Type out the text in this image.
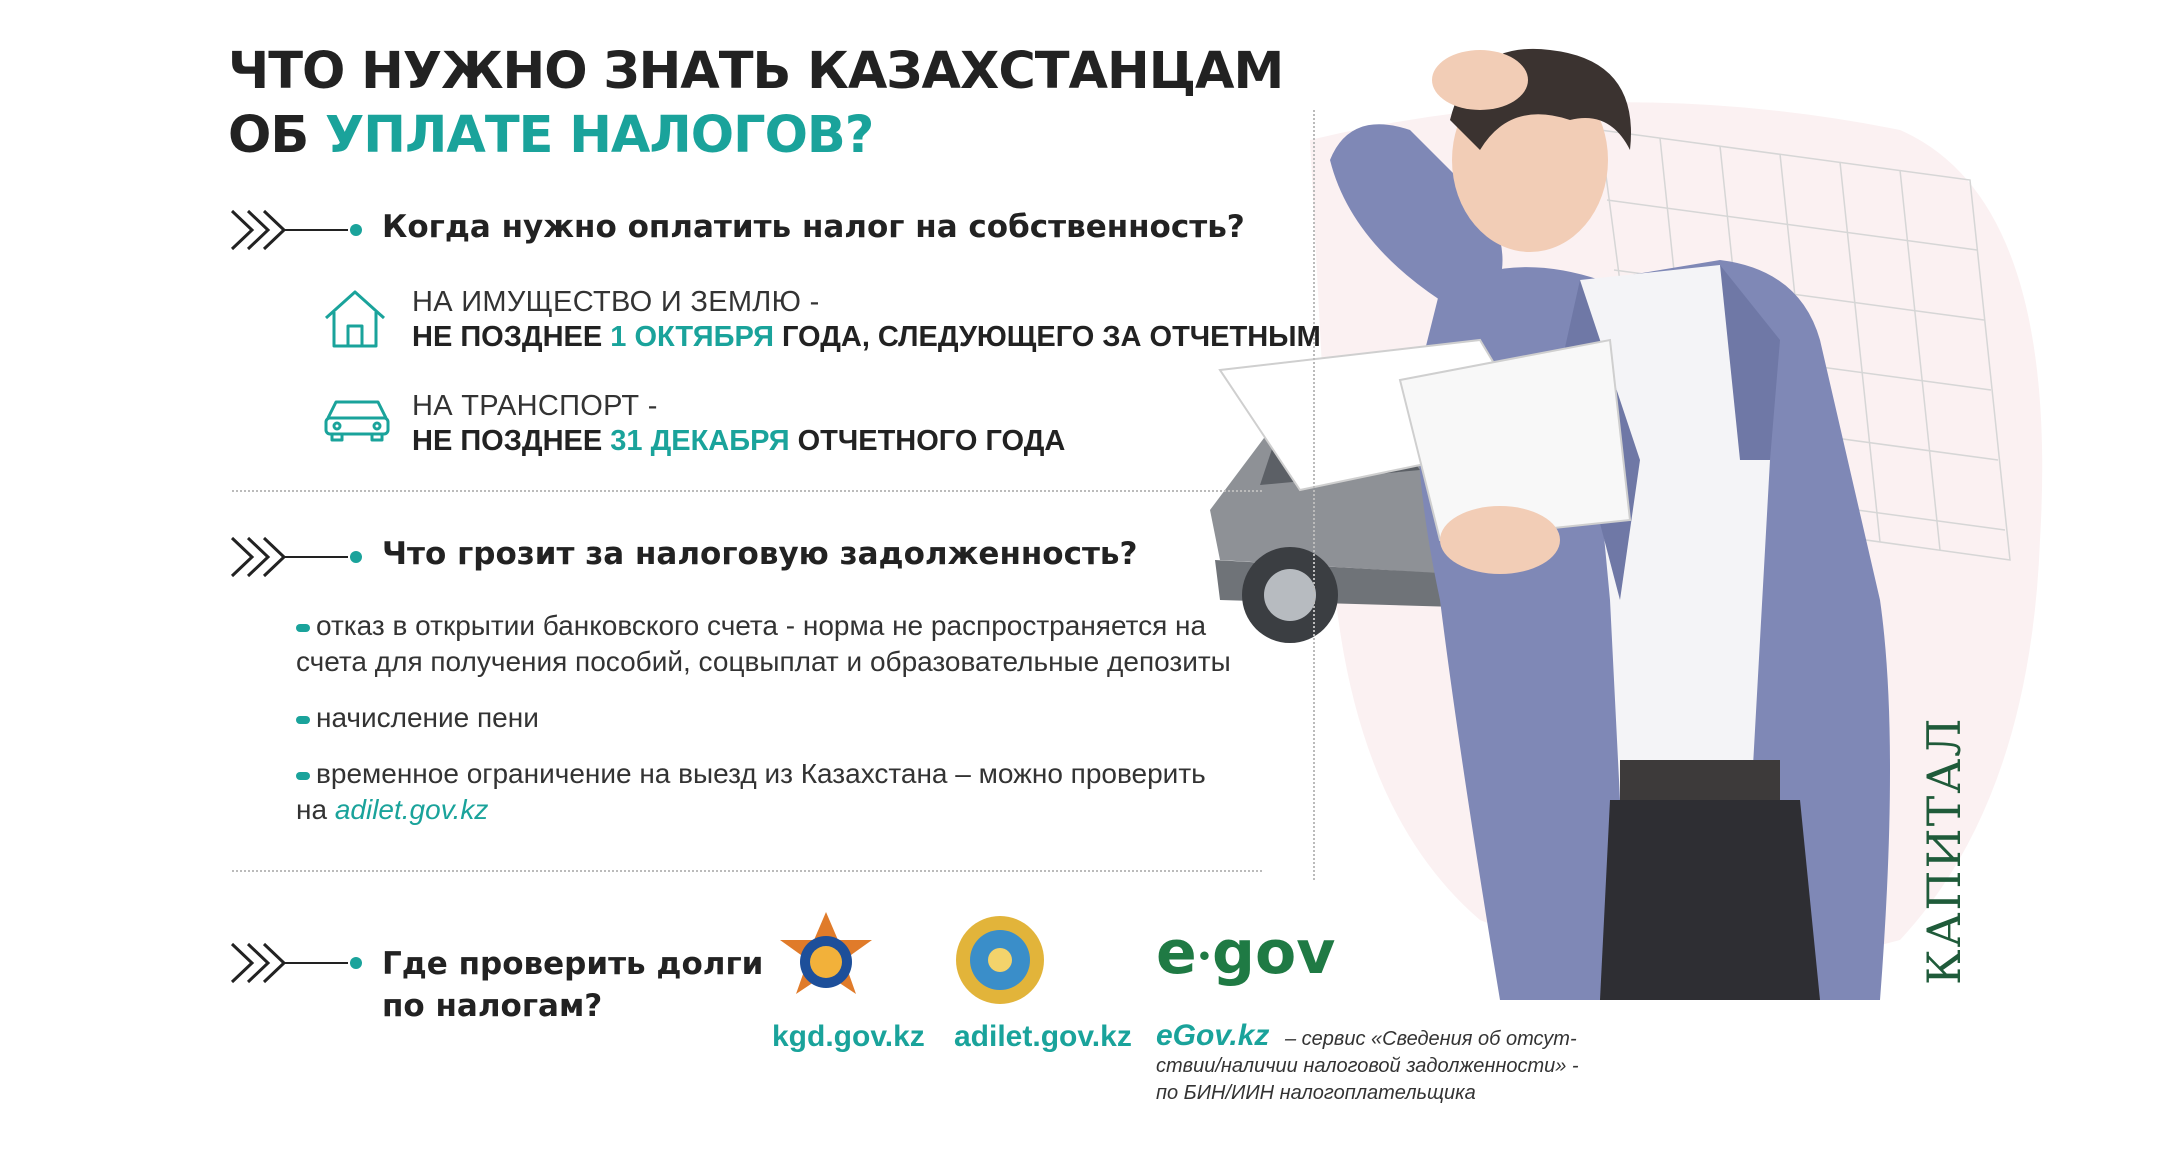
ЧТО НУЖНО ЗНАТЬ КАЗАХСТАНЦАМ
ОБ УПЛАТЕ НАЛОГОВ?
КАПИТАЛ
Когда нужно оплатить налог на собственность?
НА ИМУЩЕСТВО И ЗЕМЛЮ -
НЕ ПОЗДНЕЕ 1 ОКТЯБРЯ ГОДА, СЛЕДУЮЩЕГО ЗА ОТЧЕТНЫМ
НА ТРАНСПОРТ -
НЕ ПОЗДНЕЕ 31 ДЕКАБРЯ ОТЧЕТНОГО ГОДА
Что грозит за налоговую задолженность?
отказ в открытии банковского счета - норма не распространяется на счета для получения пособий, соцвыплат и образовательные депозиты
начисление пени
временное ограничение на выезд из Казахстана – можно проверить
на adilet.gov.kz
Где проверить долги
по налогам?
kgd.gov.kz adilet.gov.kz
e•gov
eGov.kz – сервис «Сведения об отсут-
ствии/наличии налоговой задолженности» -
по БИН/ИИН налогоплательщика
